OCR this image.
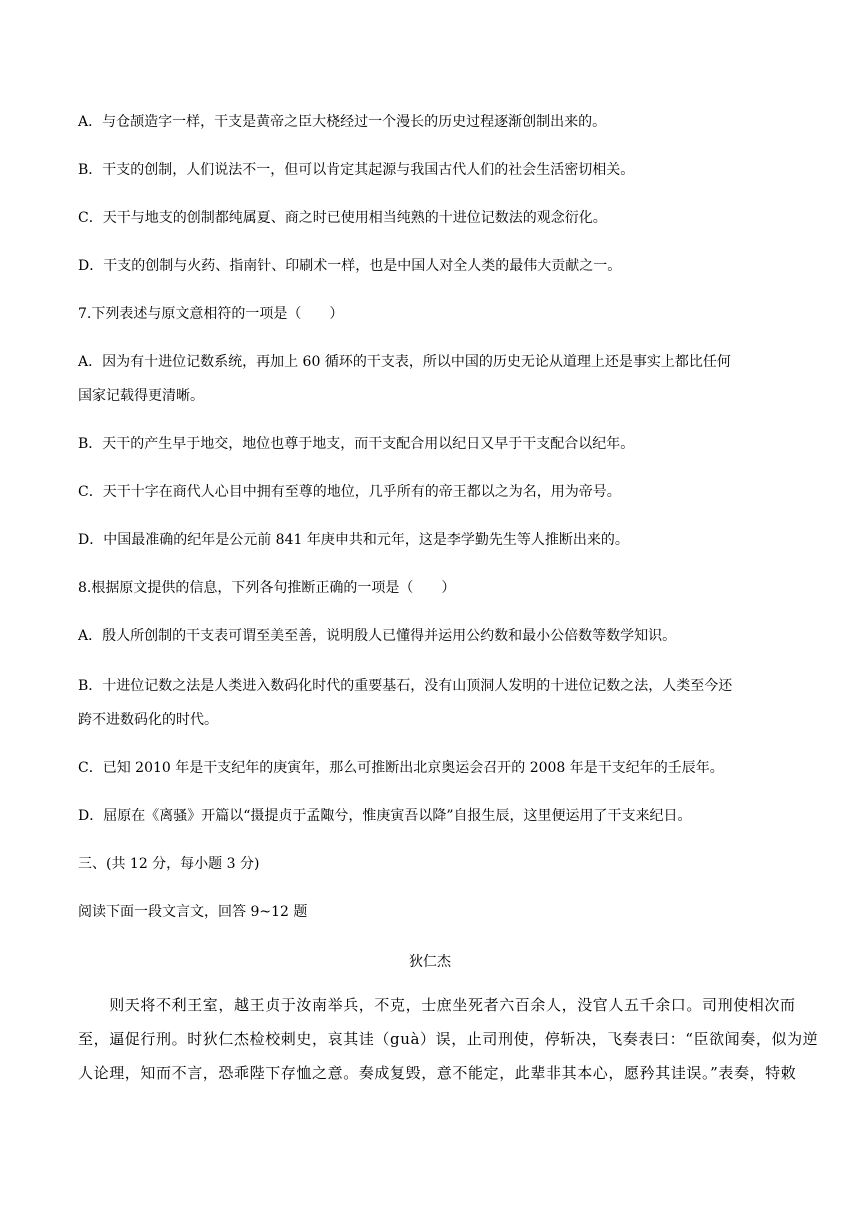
A．与仓颉造字一样，干支是黄帝之臣大桡经过一个漫长的历史过程逐渐创制出来的。
B．干支的创制，人们说法不一，但可以肯定其起源与我国古代人们的社会生活密切相关。
C．天干与地支的创制都纯属夏、商之时已使用相当纯熟的十进位记数法的观念衍化。
D．干支的创制与火药、指南针、印刷术一样，也是中国人对全人类的最伟大贡献之一。
7.下列表述与原文意相符的一项是（　　）
A．因为有十进位记数系统，再加上 60 循环的干支表，所以中国的历史无论从道理上还是事实上都比任何
国家记载得更清晰。
B．天干的产生早于地交，地位也尊于地支，而干支配合用以纪日又早于干支配合以纪年。
C．天干十字在商代人心目中拥有至尊的地位，几乎所有的帝王都以之为名，用为帝号。
D．中国最准确的纪年是公元前 841 年庚申共和元年，这是李学勤先生等人推断出来的。
8.根据原文提供的信息，下列各句推断正确的一项是（　　）
A．殷人所创制的干支表可谓至美至善，说明殷人已懂得并运用公约数和最小公倍数等数学知识。
B．十进位记数之法是人类进入数码化时代的重要基石，没有山顶洞人发明的十进位记数之法，人类至今还
跨不进数码化的时代。
C．已知 2010 年是干支纪年的庚寅年，那么可推断出北京奥运会召开的 2008 年是干支纪年的壬辰年。
D．屈原在《离骚》开篇以“摄提贞于孟陬兮，惟庚寅吾以降”自报生辰，这里便运用了干支来纪日。
三、(共 12 分，每小题 3 分)
阅读下面一段文言文，回答 9~12 题
狄仁杰
　　则天将不利王室，越王贞于汝南举兵，不克，士庶坐死者六百余人，没官人五千余口。司刑使相次而
至，逼促行刑。时狄仁杰检校刺史，哀其诖（guà）误，止司刑使，停斩决，飞奏表曰：“臣欲闻奏，似为逆
人论理，知而不言，恐乖陛下存恤之意。奏成复毁，意不能定，此辈非其本心，愿矜其诖误。”表奏，特敕
